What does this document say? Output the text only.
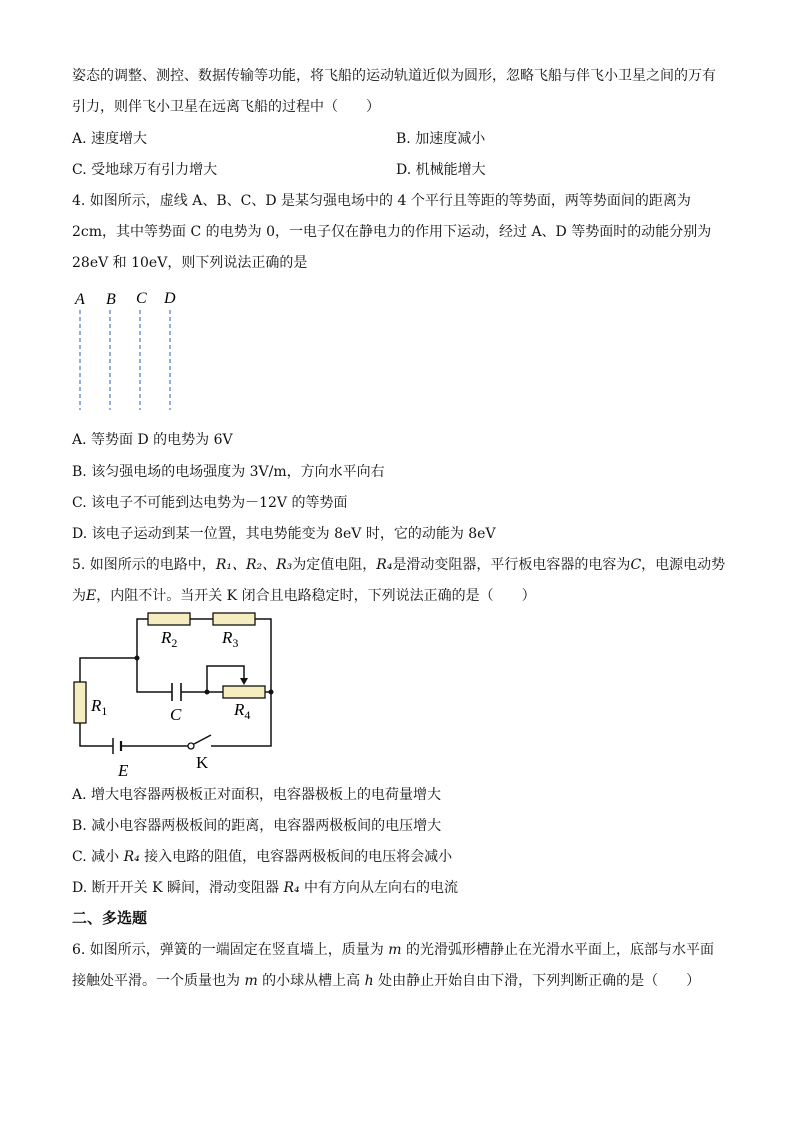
姿态的调整、测控、数据传输等功能，将飞船的运动轨道近似为圆形，忽略飞船与伴飞小卫星之间的万有
引力，则伴飞小卫星在远离飞船的过程中（　　）
A. 速度增大	B. 加速度减小
C. 受地球万有引力增大	D. 机械能增大
4. 如图所示，虚线 A、B、C、D 是某匀强电场中的 4 个平行且等距的等势面，两等势面间的距离为
2cm，其中等势面 C 的电势为 0，一电子仅在静电力的作用下运动，经过 A、D 等势面时的动能分别为
28eV 和 10eV，则下列说法正确的是
A B C D
A. 等势面 D 的电势为 6V
B. 该匀强电场的电场强度为 3V/m，方向水平向右
C. 该电子不可能到达电势为－12V 的等势面
D. 该电子运动到某一位置，其电势能变为 8eV 时，它的动能为 8eV
5. 如图所示的电路中，R₁、R₂、R₃为定值电阻，R₄是滑动变阻器，平行板电容器的电容为C，电源电动势
为E，内阻不计。当开关 K 闭合且电路稳定时，下列说法正确的是（　　）
$R_2$	$R_3$
$R_1$	$R_4$
C
E	K
A. 增大电容器两极板正对面积，电容器极板上的电荷量增大
B. 减小电容器两极板间的距离，电容器两极板间的电压增大
C. 减小 R₄ 接入电路的阻值，电容器两极板间的电压将会减小
D. 断开开关 K 瞬间，滑动变阻器 R₄ 中有方向从左向右的电流
二、多选题
6. 如图所示，弹簧的一端固定在竖直墙上，质量为 m 的光滑弧形槽静止在光滑水平面上，底部与水平面
接触处平滑。一个质量也为 m 的小球从槽上高 h 处由静止开始自由下滑，下列判断正确的是（　　）
